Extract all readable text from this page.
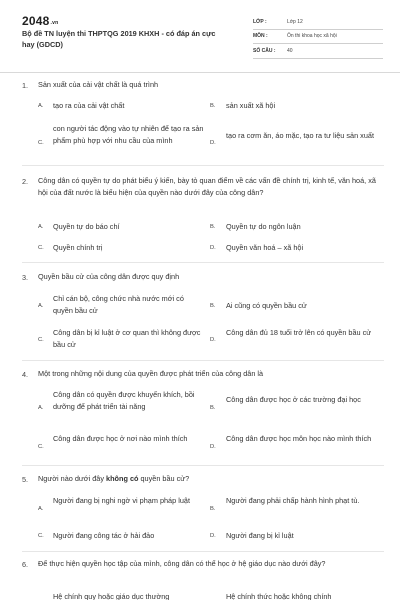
2048.vn
Bộ đề TN luyện thi THPTQG 2019 KHXH - có đáp án cực hay (GDCD)
LỚP :	Lớp 12
MÔN :	Ôn thi khoa học xã hội
SỐ CÂU :	40
1. Sản xuất của cải vật chất là quá trình
A. tạo ra của cải vật chất	B. sản xuất xã hội
C.
con người tác động vào tự nhiên để tạo ra sản phẩm phù hợp với nhu cầu của mình	D.
tạo ra cơm ăn, áo mặc, tạo ra tư liệu sản xuất
2. Công dân có quyền tự do phát biểu ý kiến, bày tỏ quan điểm về các vấn đề chính trị, kinh tế, văn hoá, xã hội của đất nước là biểu hiện của quyền nào dưới đây của công dân?
A. Quyền tự do báo chí	B. Quyền tự do ngôn luận
C. Quyền chính trị	D. Quyền văn hoá – xã hội
3. Quyền bầu cử của công dân được quy định
A.
Chỉ cán bộ, công chức nhà nước mới có quyền bầu cử	B. Ai cũng có quyền bầu cử
C.
Công dân bị kỉ luật ở cơ quan thì không được bầu cử	D.
Công dân đủ 18 tuổi trở lên có quyền bầu cử
4. Một trong những nội dung của quyền được phát triển của công dân là
A.
Công dân có quyền được khuyến khích, bồi dưỡng để phát triển tài năng	B.
Công dân được học ở các trường đại học
C.
Công dân được học ở nơi nào mình thích
D.
Công dân được học môn học nào mình thích
5. Người nào dưới đây không có quyền bầu cử?
A.
Người đang bị nghi ngờ vi phạm pháp luật
B.
Người đang phải chấp hành hình phạt tù.
C. Người đang công tác ở hải đảo	D. Người đang bị kỉ luật
6. Để thực hiện quyền học tập của mình, công dân có thể học ở hệ giáo dục nào dưới đây?
Hệ chính quy hoặc giáo dục thường	Hệ chính thức hoặc không chính
